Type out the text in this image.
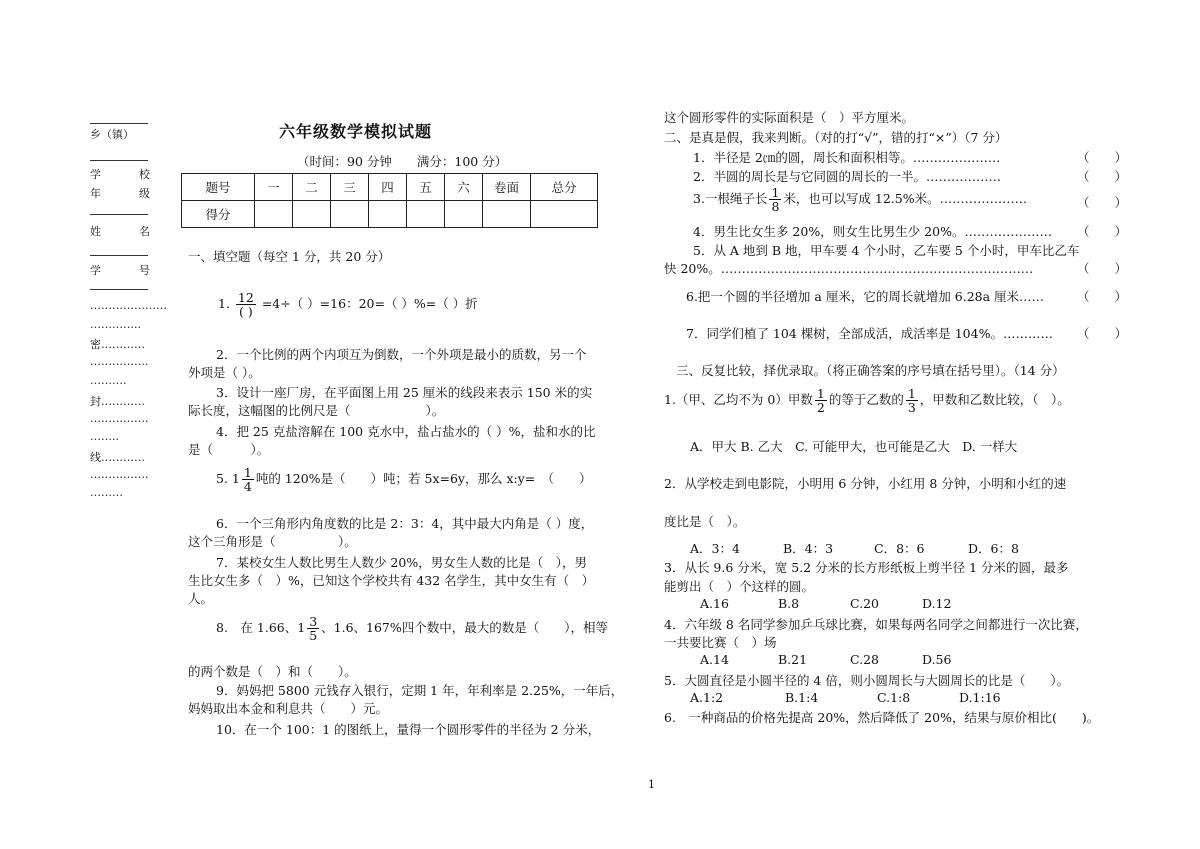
乡（镇）
学	校
年	级
姓	名
学	号
…………………
…………..
密…………
…………….
……….
封…………
…………….
……..
线…………
…………….
………
六年级数学模拟试题
（时间：90 分钟　　满分：100 分）
题号	一	二	三	四	五	六	卷面	总分
得分								
一、填空题（每空 1 分，共 20 分）
1. $\frac{12}{( )} =4\div$（ ）=16：20=（ ）%=（ ）折
2．一个比例的两个内项互为倒数，一个外项是最小的质数，另一个
外项是（ ）。
3．设计一座厂房，在平面图上用 25 厘米的线段来表示 150 米的实
际长度，这幅图的比例尺是（　　　　　　）。
4．把 25 克盐溶解在 100 克水中，盐占盐水的（ ）%，盐和水的比
是（　　　）。
5. $1 \frac{1}{4}$ 吨的 120%是（　　）吨；若 5x=6y，那么 x:y=　（　　）
6．一个三角形内角度数的比是 2：3：4，其中最大内角是（ ）度，
这个三角形是（　　　　　）。
7．某校女生人数比男生人数少 20%，男女生人数的比是（　），男
生比女生多（　）%，已知这个学校共有 432 名学生，其中女生有（　）
人。
8.　在 1.66、$1 \frac{3}{5}$ 、1.6、167%四个数中，最大的数是（　　），相等
的两个数是（　）和（　　）。
9．妈妈把 5800 元钱存入银行，定期 1 年，年利率是 2.25%，一年后，
妈妈取出本金和利息共（　　）元。
10．在一个 100：1 的图纸上，量得一个圆形零件的半径为 2 分米，
这个圆形零件的实际面积是（　）平方厘米。
二、是真是假，我来判断。（对的打“√”，错的打“×”）（7 分）
1．半径是 2㎝的圆，周长和面积相等。…………………	（　　）
2．半圆的周长是与它同圆的周长的一半。………………	（　　）
3.一根绳子长 $\frac{1}{8}$ 米，也可以写成 12.5%米。…………………	（　　）
4．男生比女生多 20%，则女生比男生少 20%。………………… （　　）
5．从 A 地到 B 地，甲车要 4 个小时，乙车要 5 个小时，甲车比乙车
快 20%。…………………………………………………………………	（　　）
6.把一个圆的半径增加 a 厘米，它的周长就增加 6.28a 厘米……	（　　）
7．同学们植了 104 棵树，全部成活，成活率是 104%。………… （　　）
三、反复比较，择优录取。（将正确答案的序号填在括号里）。（14 分）
1.（甲、乙均不为 0）甲数 $\frac{1}{2}$ 的等于乙数的 $\frac{1}{3}$ ，甲数和乙数比较，（　）。
A．甲大 B. 乙大　C. 可能甲大，也可能是乙大　D. 一样大
2．从学校走到电影院，小明用 6 分钟，小红用 8 分钟，小明和小红的速
度比是（　）。
A．3：4	B．4：3	C．8：6	D．6：8
3．从长 9.6 分米，宽 5.2 分米的长方形纸板上剪半径 1 分米的圆，最多
能剪出（　）个这样的圆。
A.16	B.8	C.20	D.12
4．六年级 8 名同学参加乒乓球比赛，如果每两名同学之间都进行一次比赛，
一共要比赛（　）场
A.14	B.21	C.28	D.56
5．大圆直径是小圆半径的 4 倍，则小圆周长与大圆周长的比是（　　）。
A.1:2	B.1:4	C.1:8	D.1:16
6.　一种商品的价格先提高 20%，然后降低了 20%，结果与原价相比(　　)。
1
